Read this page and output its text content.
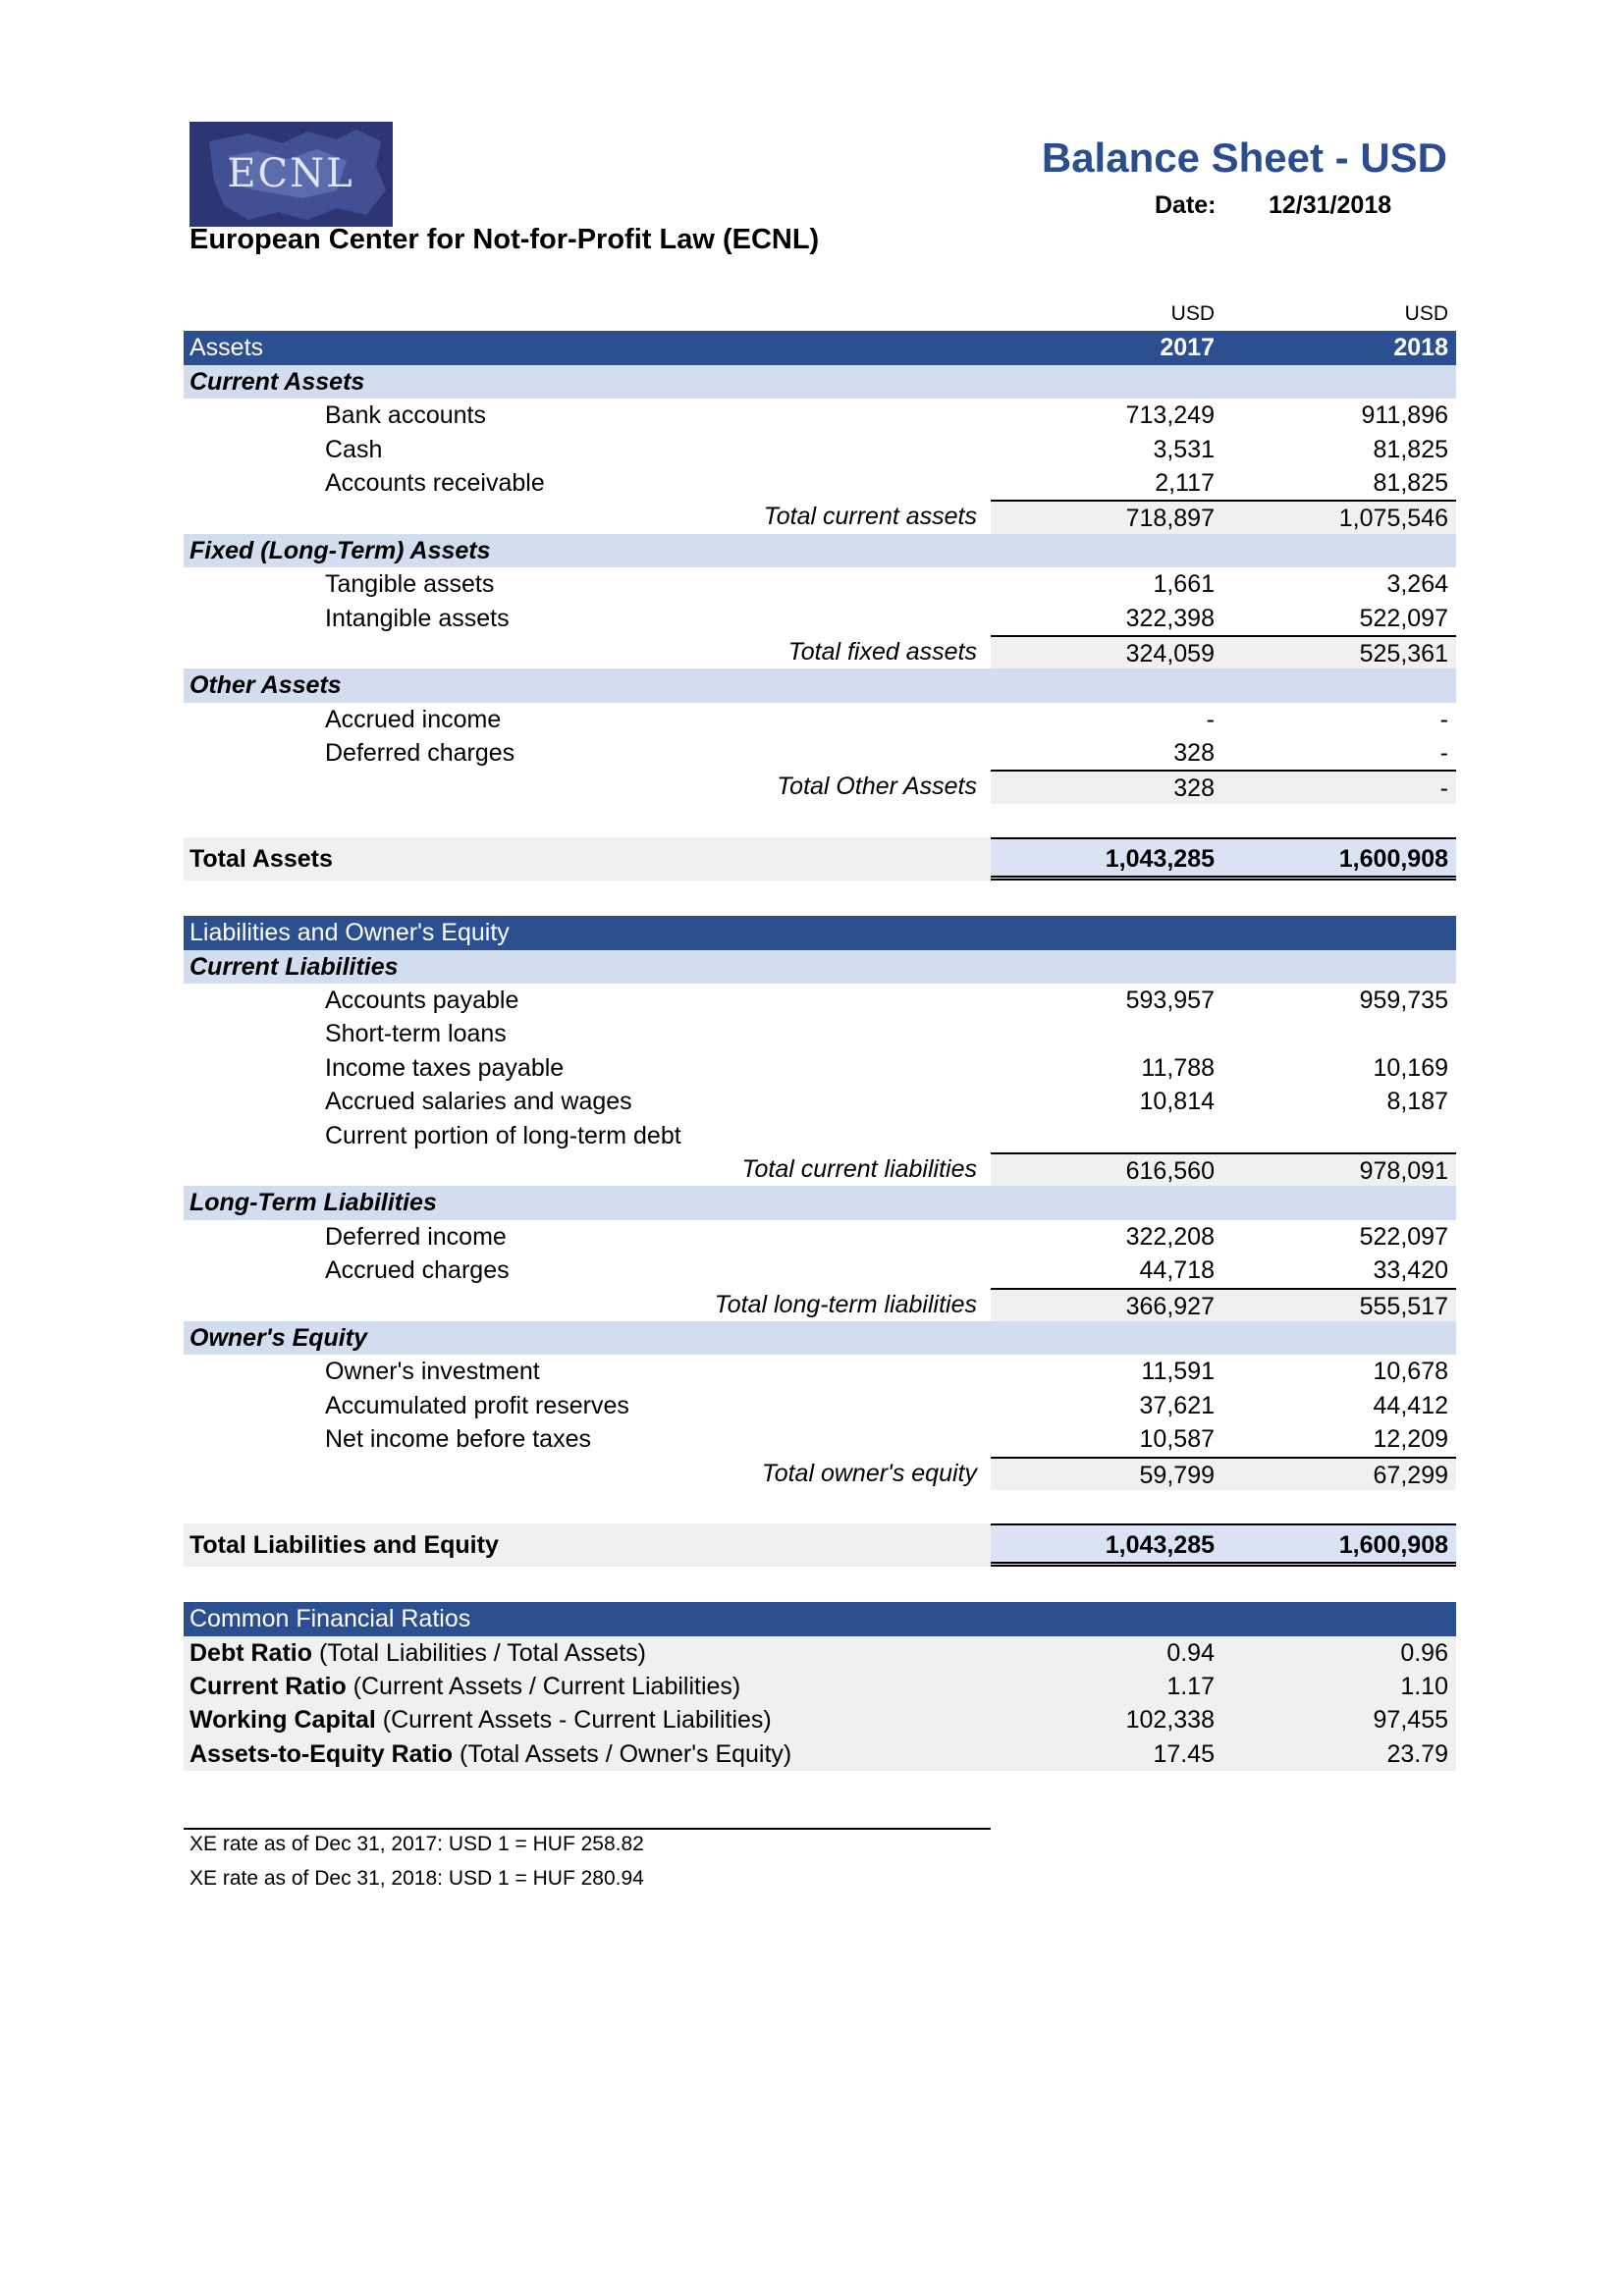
ECNL
European Center for Not-for-Profit Law (ECNL)
Balance Sheet - USD
Date: 12/31/2018
USD	USD
Assets	2017	2018
Current Assets
Bank accounts	713,249	911,896
Cash	3,531	81,825
Accounts receivable	2,117	81,825
Total current assets	718,897	1,075,546
Fixed (Long-Term) Assets
Tangible assets	1,661	3,264
Intangible assets	322,398	522,097
Total fixed assets	324,059	525,361
Other Assets
Accrued income	-	-
Deferred charges	328	-
Total Other Assets	328	-
Total Assets	1,043,285	1,600,908
Liabilities and Owner's Equity
Current Liabilities
Accounts payable	593,957	959,735
Short-term loans
Income taxes payable	11,788	10,169
Accrued salaries and wages	10,814	8,187
Current portion of long-term debt
Total current liabilities	616,560	978,091
Long-Term Liabilities
Deferred income	322,208	522,097
Accrued charges	44,718	33,420
Total long-term liabilities	366,927	555,517
Owner's Equity
Owner's investment	11,591	10,678
Accumulated profit reserves	37,621	44,412
Net income before taxes	10,587	12,209
Total owner's equity	59,799	67,299
Total Liabilities and Equity	1,043,285	1,600,908
Common Financial Ratios
Debt Ratio (Total Liabilities / Total Assets)	0.94	0.96
Current Ratio (Current Assets / Current Liabilities)	1.17	1.10
Working Capital (Current Assets - Current Liabilities)	102,338	97,455
Assets-to-Equity Ratio (Total Assets / Owner's Equity)	17.45	23.79
XE rate as of Dec 31, 2017: USD 1 = HUF 258.82
XE rate as of Dec 31, 2018: USD 1 = HUF 280.94
